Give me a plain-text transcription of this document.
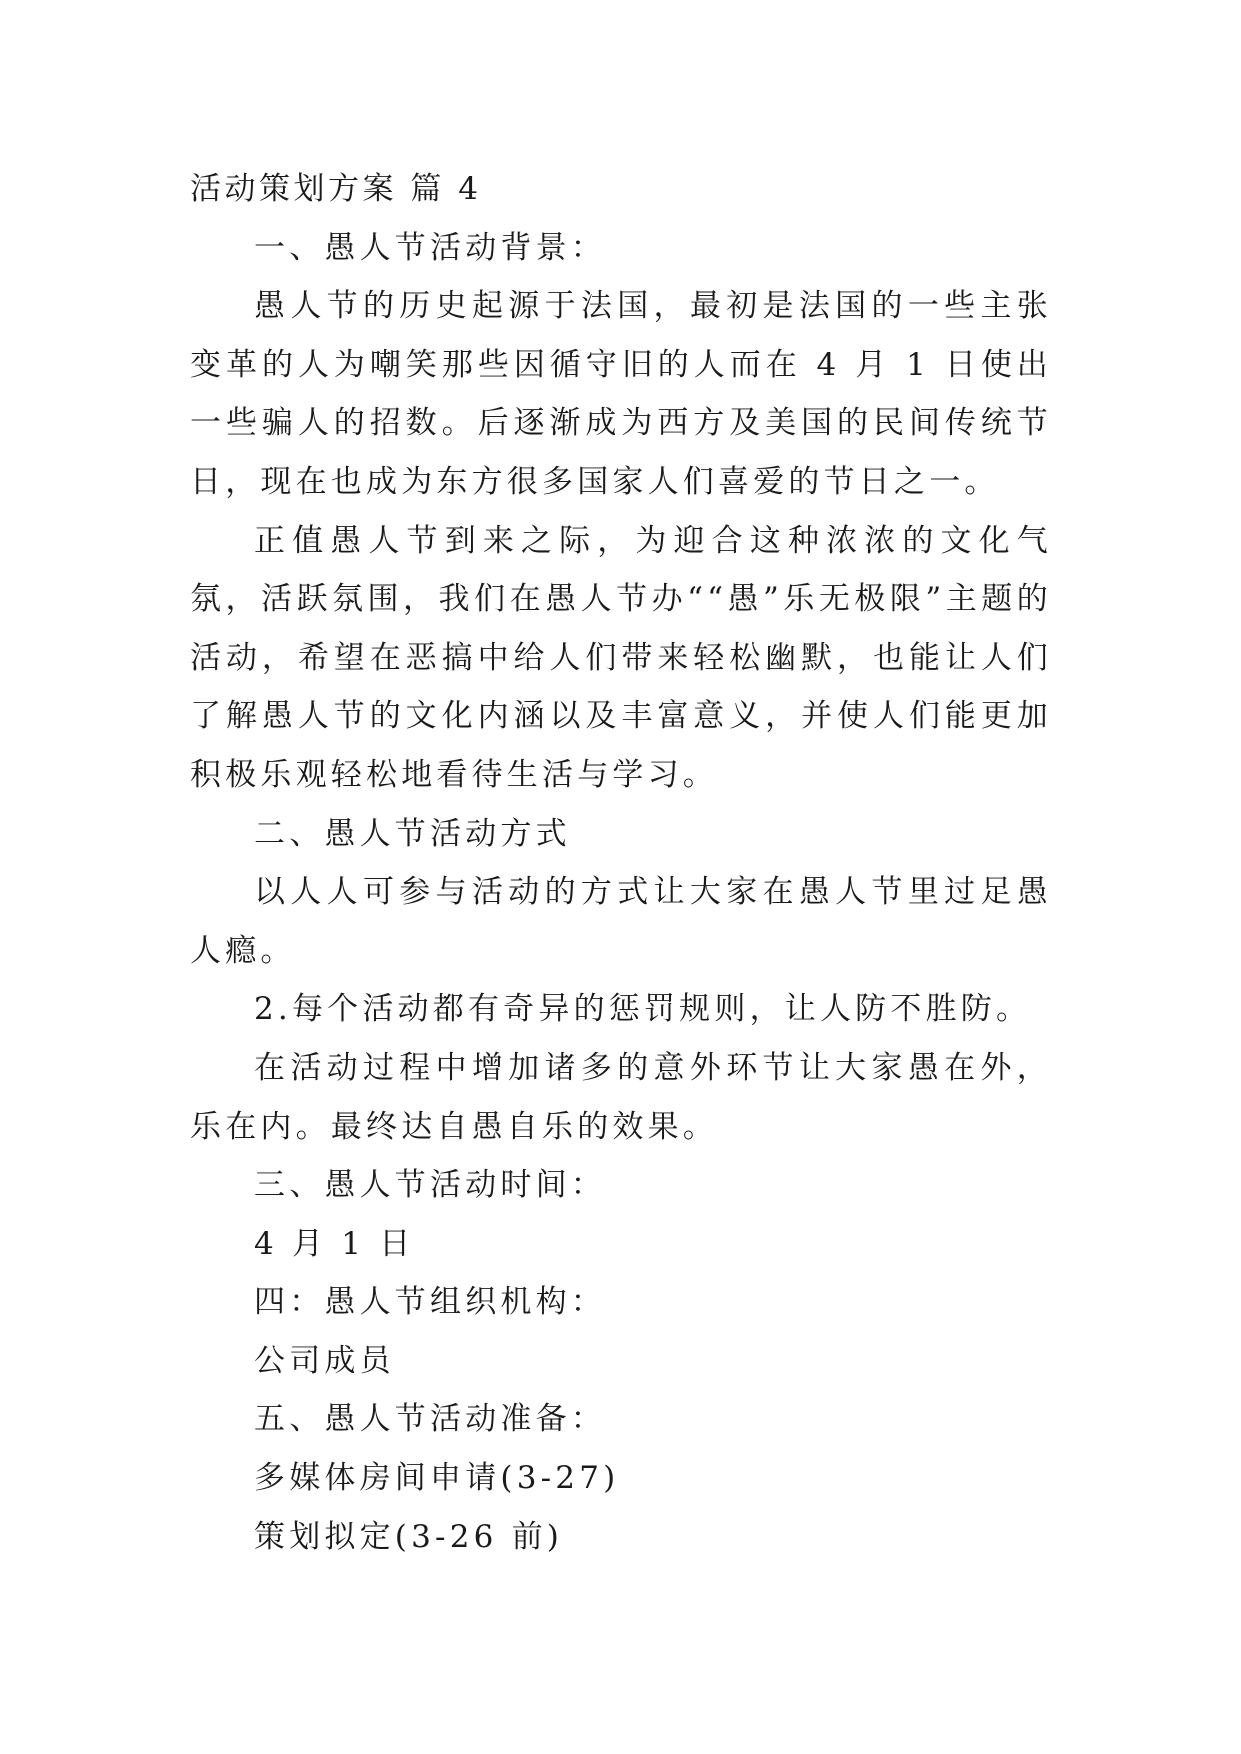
活动策划方案 篇 4

一、愚人节活动背景：

愚人节的历史起源于法国，最初是法国的一些主张变革的人为嘲笑那些因循守旧的人而在 4 月 1 日使出一些骗人的招数。后逐渐成为西方及美国的民间传统节日，现在也成为东方很多国家人们喜爱的节日之一。

正值愚人节到来之际，为迎合这种浓浓的文化气氛，活跃氛围，我们在愚人节办““愚”乐无极限”主题的活动，希望在恶搞中给人们带来轻松幽默，也能让人们了解愚人节的文化内涵以及丰富意义，并使人们能更加积极乐观轻松地看待生活与学习。

二、愚人节活动方式

以人人可参与活动的方式让大家在愚人节里过足愚人瘾。

2.每个活动都有奇异的惩罚规则，让人防不胜防。

在活动过程中增加诸多的意外环节让大家愚在外，乐在内。最终达自愚自乐的效果。

三、愚人节活动时间：

4 月 1 日

四：愚人节组织机构：

公司成员

五、愚人节活动准备：

多媒体房间申请(3-27)

策划拟定(3-26 前)
